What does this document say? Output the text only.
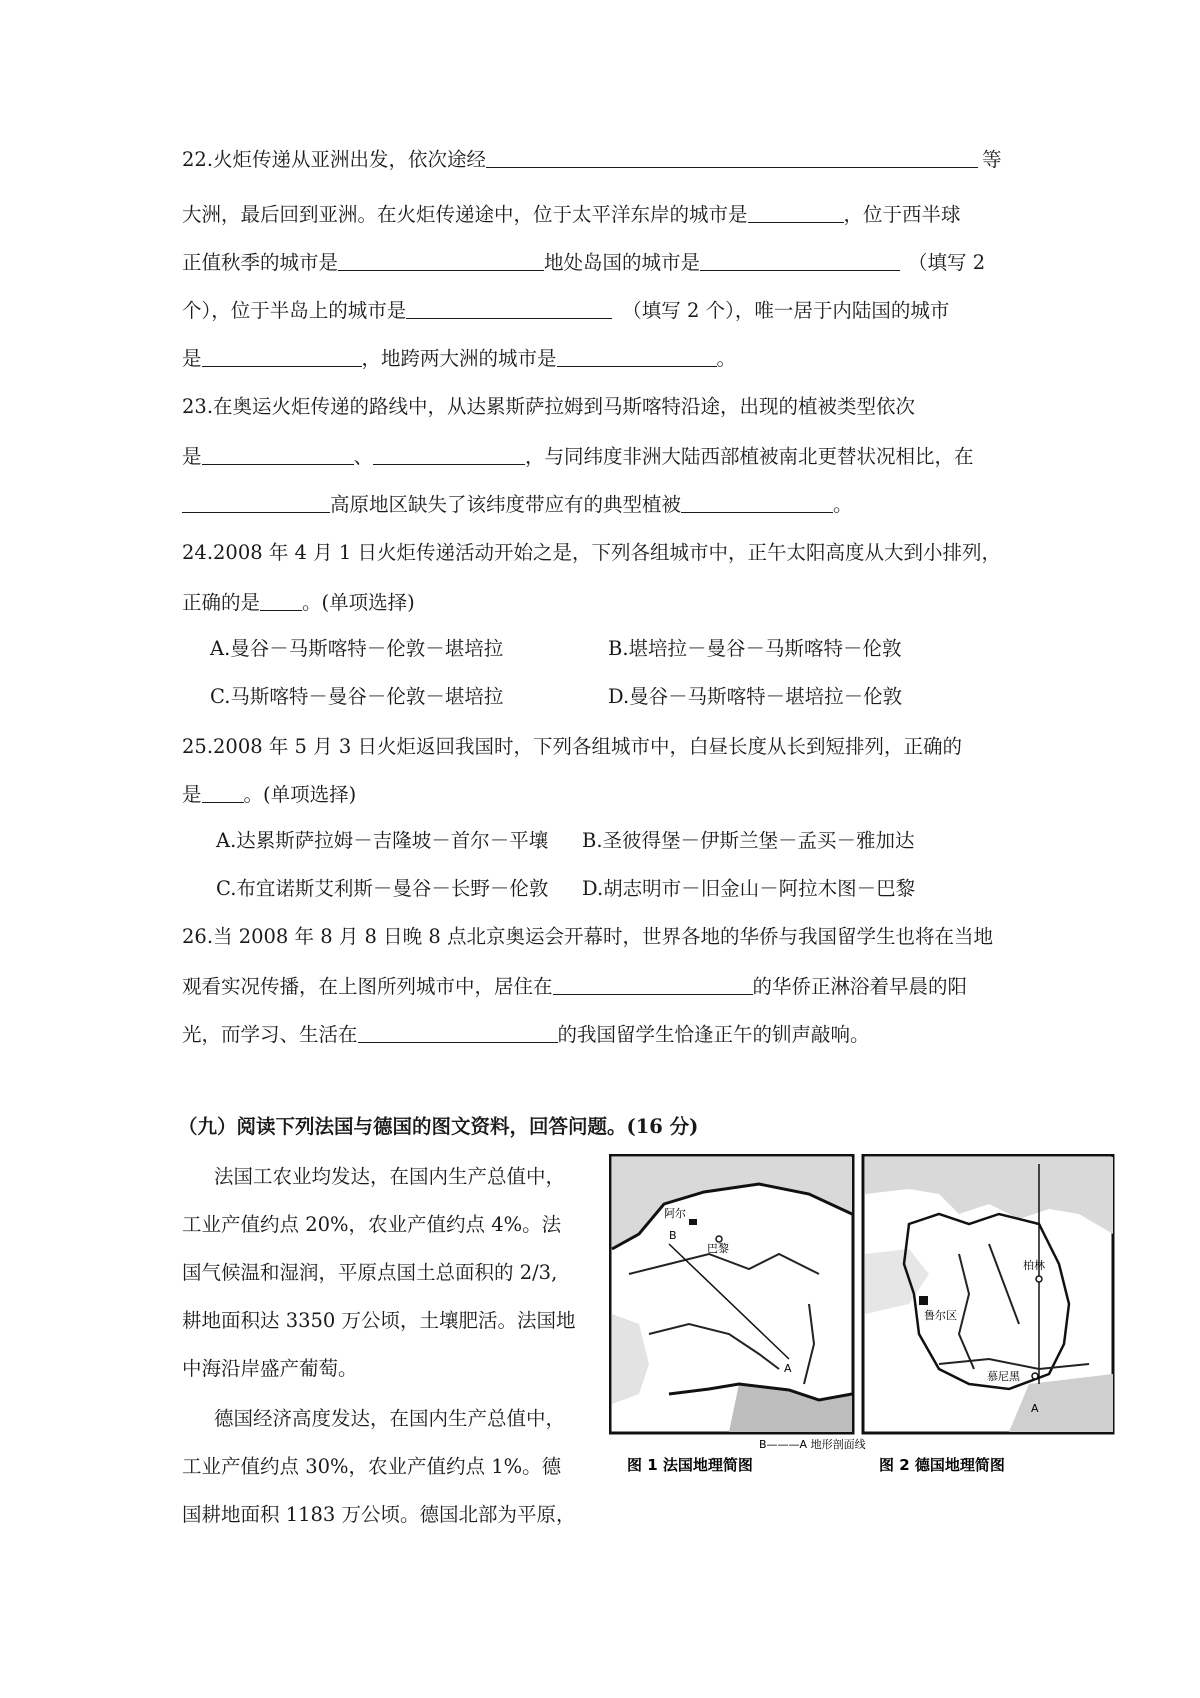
22.火炬传递从亚洲出发，依次途经	等
大洲，最后回到亚洲。在火炬传递途中，位于太平洋东岸的城市是	，位于西半球
正值秋季的城市是	地处岛国的城市是	（填写 2
个），位于半岛上的城市是	（填写 2 个），唯一居于内陆国的城市
是	，地跨两大洲的城市是	。
23.在奥运火炬传递的路线中，从达累斯萨拉姆到马斯喀特沿途，出现的植被类型依次
是	、	，与同纬度非洲大陆西部植被南北更替状况相比，在
高原地区缺失了该纬度带应有的典型植被	。
24.2008 年 4 月 1 日火炬传递活动开始之是，下列各组城市中，正午太阳高度从大到小排列，
正确的是 。(单项选择)
A.曼谷－马斯喀特－伦敦－堪培拉	B.堪培拉－曼谷－马斯喀特－伦敦
C.马斯喀特－曼谷－伦敦－堪培拉	D.曼谷－马斯喀特－堪培拉－伦敦
25.2008 年 5 月 3 日火炬返回我国时，下列各组城市中，白昼长度从长到短排列，正确的
是 。(单项选择)
A.达累斯萨拉姆－吉隆坡－首尔－平壤 B.圣彼得堡－伊斯兰堡－孟买－雅加达
C.布宜诺斯艾利斯－曼谷－长野－伦敦 D.胡志明市－旧金山－阿拉木图－巴黎
26.当 2008 年 8 月 8 日晚 8 点北京奥运会开幕时，世界各地的华侨与我国留学生也将在当地
观看实况传播，在上图所列城市中，居住在	的华侨正淋浴着早晨的阳
光，而学习、生活在	的我国留学生恰逢正午的钏声敲响。
（九）阅读下列法国与德国的图文资料，回答问题。(16 分)
法国工农业均发达，在国内生产总值中，
工业产值约点 20%，农业产值约点 4%。法
国气候温和湿润，平原点国土总面积的 2/3,
耕地面积达 3350 万公顷，土壤肥活。法国地
中海沿岸盛产葡萄。
德国经济高度发达，在国内生产总值中，
工业产值约点 30%，农业产值约点 1%。德
国耕地面积 1183 万公顷。德国北部为平原，
A
B
阿尔
巴黎
柏林
鲁尔区
慕尼黑
A
B———A 地形剖面线
图 1 法国地理简图	图 2 德国地理简图
